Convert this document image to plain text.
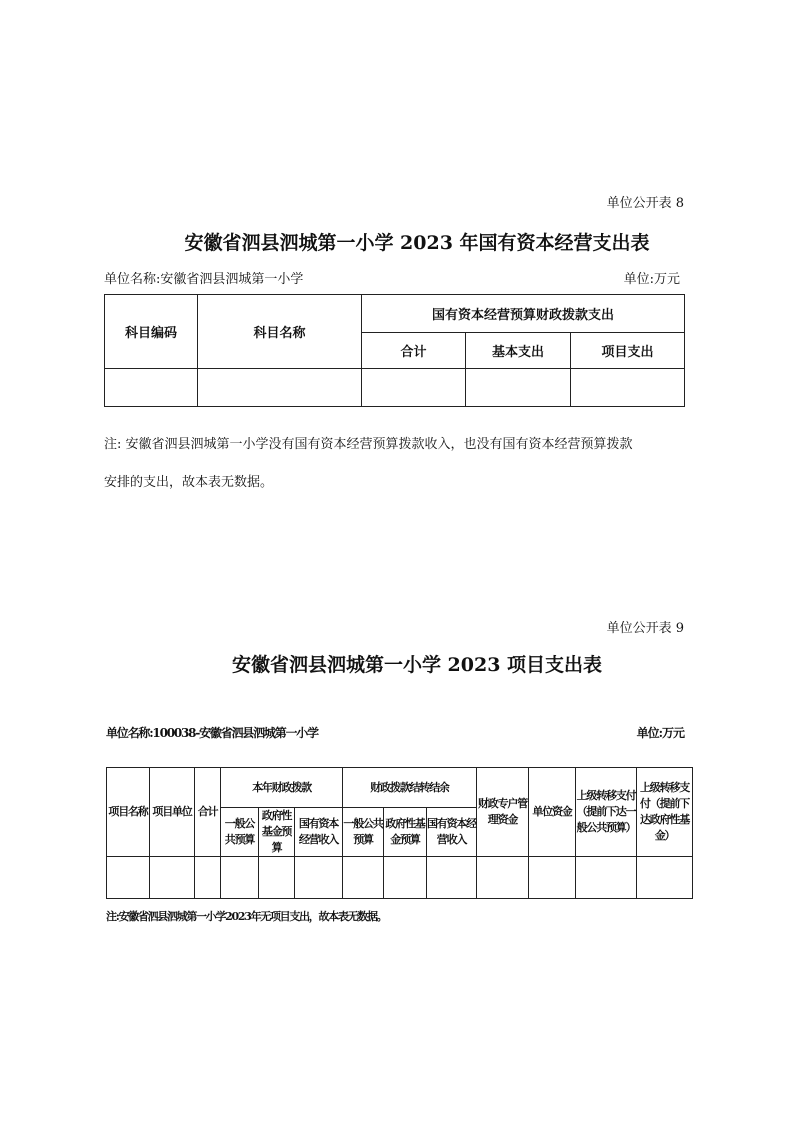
单位公开表 8
安徽省泗县泗城第一小学 2023 年国有资本经营支出表
单位名称:安徽省泗县泗城第一小学	单位:万元
科目编码	科目名称	国有资本经营预算财政拨款支出		
		合计	基本支出	项目支出

注: 安徽省泗县泗城第一小学没有国有资本经营预算拨款收入，也没有国有资本经营预算拨款
安排的支出，故本表无数据。
单位公开表 9
安徽省泗县泗城第一小学 2023 项目支出表
单位名称:100038-安徽省泗县泗城第一小学	单位:万元
项目名称	项目单位	合计	本年财政拨款			财政拨款结转结余			财政专户管理资金	单位资金	上级转移支付（提前下达一般公共预算）	上级转移支付（提前下达政府性基金）
			一般公共预算	政府性基金预算	国有资本经营收入	一般公共预算	政府性基金预算	国有资本经营收入				

注:安徽省泗县泗城第一小学2023年无项目支出，故本表无数据。
